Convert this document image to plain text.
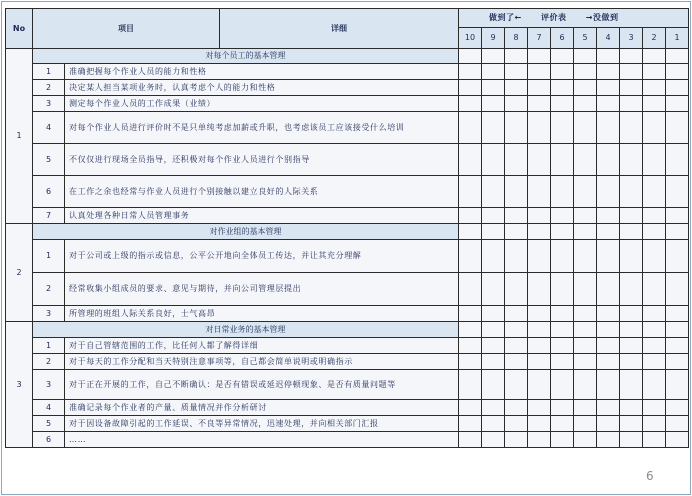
No	项目		详细	做到了← 评价表 →没做到									
				10	9	8	7	6	5	4	3	2	1
1	对每个员工的基本管理												
	1	准确把握每个作业人员的能力和性格											
	2	决定某人担当某项业务时，认真考虑个人的能力和性格											
	3	测定每个作业人员的工作成果（业绩）											
	4	对每个作业人员进行评价时不是只单纯考虑加薪或升职，也考虑该员工应该接受什么培训											
	5	不仅仅进行现场全员指导，还积极对每个作业人员进行个别指导											
	6	在工作之余也经常与作业人员进行个别接触以建立良好的人际关系											
	7	认真处理各种日常人员管理事务											
2	对作业组的基本管理												
	1	对于公司或上级的指示或信息，公平公开地向全体员工传达，并让其充分理解											
	2	经常收集小组成员的要求、意见与期待，并向公司管理层提出											
	3	所管理的班组人际关系良好，士气高昂											
3	对日常业务的基本管理												
	1	对于自己管辖范围的工作，比任何人都了解得详细											
	2	对于每天的工作分配和当天特别注意事项等，自己都会简单说明或明确指示											
	3	对于正在开展的工作，自己不断确认：是否有错误或延迟停顿现象、是否有质量问题等											
	4	准确记录每个作业者的产量、质量情况并作分析研讨											
	5	对于因设备故障引起的工作延误、不良等异常情况，迅速处理，并向相关部门汇报											
	6	……											
6
